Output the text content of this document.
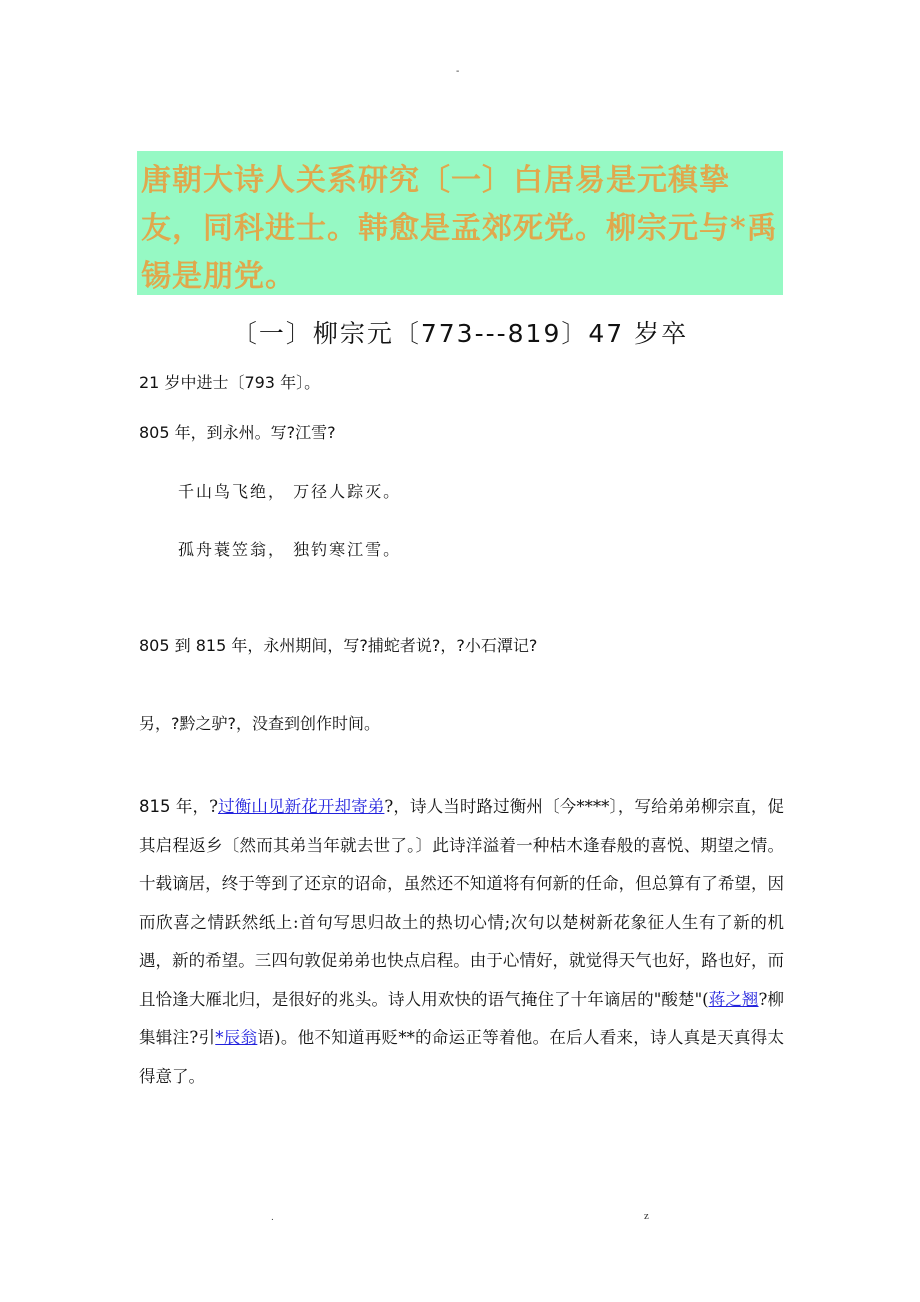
-
唐朝大诗人关系研究〔一〕白居易是元稹挚友，同科进士。韩愈是孟郊死党。柳宗元与*禹锡是朋党。
〔一〕柳宗元〔773---819〕47 岁卒

21 岁中进士〔793 年〕。

805 年，到永州。写?江雪?

千山鸟飞绝， 万径人踪灭。

孤舟蓑笠翁， 独钓寒江雪。

805 到 815 年，永州期间，写?捕蛇者说?，?小石潭记?

另，?黔之驴?，没查到创作时间。

815 年，?过衡山见新花开却寄弟?，诗人当时路过衡州〔今****〕，写给弟弟柳宗直，促其启程返乡〔然而其弟当年就去世了。〕此诗洋溢着一种枯木逢春般的喜悦、期望之情。十载谪居，终于等到了还京的诏命，虽然还不知道将有何新的任命，但总算有了希望，因而欣喜之情跃然纸上:首句写思归故土的热切心情;次句以楚树新花象征人生有了新的机遇，新的希望。三四句敦促弟弟也快点启程。由于心情好，就觉得天气也好，路也好，而且恰逢大雁北归，是很好的兆头。诗人用欢快的语气掩住了十年谪居的"酸楚"(蒋之翘?柳集辑注?引*辰翁语)。他不知道再贬**的命运正等着他。在后人看来，诗人真是天真得太得意了。

.	z
